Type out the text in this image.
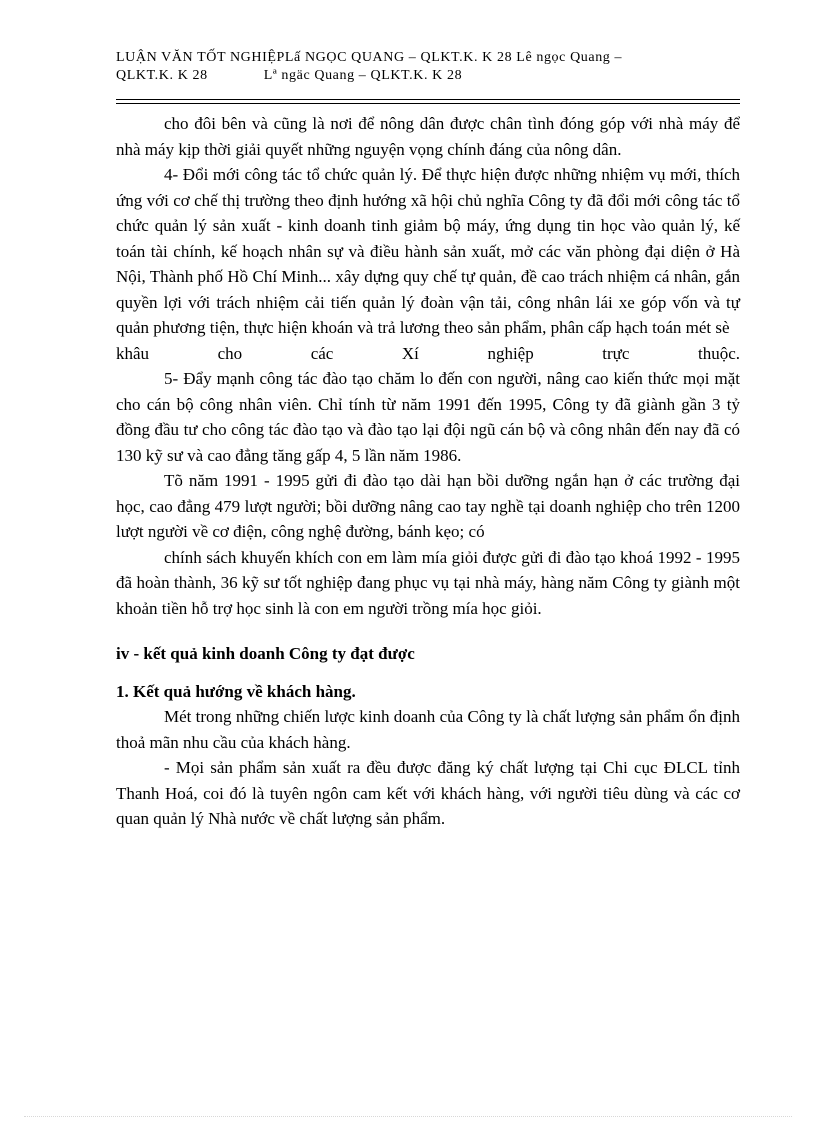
LUẬN VĂN TỐT NGHIỆPLấ NGỌC QUANG – QLKT.K. K 28 Lê ngọc Quang –
QLKT.K. K 28	Lª ngäc Quang – QLKT.K. K 28

cho đôi bên và cũng là nơi để nông dân được chân tình đóng góp với nhà máy để nhà máy kịp thời giải quyết những nguyện vọng chính đáng của nông dân.

4- Đổi mới công tác tổ chức quản lý. Để thực hiện được những nhiệm vụ mới, thích ứng với cơ chế thị trường theo định hướng xã hội chủ nghĩa Công ty đã đổi mới công tác tổ chức quản lý sản xuất - kinh doanh tinh giảm bộ máy, ứng dụng tin học vào quản lý, kế toán tài chính, kế hoạch nhân sự và điều hành sản xuất, mở các văn phòng đại diện ở Hà Nội, Thành phố Hồ Chí Minh... xây dựng quy chế tự quản, đề cao trách nhiệm cá nhân, gắn quyền lợi với trách nhiệm cải tiến quản lý đoàn vận tải, công nhân lái xe góp vốn và tự quản phương tiện, thực hiện khoán và trả lương theo sản phẩm, phân cấp hạch toán mét sè

khâu cho các Xí nghiệp trực thuộc.

5- Đẩy mạnh công tác đào tạo chăm lo đến con người, nâng cao kiến thức mọi mặt cho cán bộ công nhân viên. Chỉ tính từ năm 1991 đến 1995, Công ty đã giành gần 3 tỷ đồng đầu tư cho công tác đào tạo và đào tạo lại đội ngũ cán bộ và công nhân đến nay đã có 130 kỹ sư và cao đẳng tăng gấp 4, 5 lần năm 1986.

Tõ năm 1991 - 1995 gửi đi đào tạo dài hạn bồi dưỡng ngắn hạn ở các trường đại học, cao đẳng 479 lượt người; bồi dưỡng nâng cao tay nghề tại doanh nghiệp cho trên 1200 lượt người về cơ điện, công nghệ đường, bánh kẹo; có

chính sách khuyến khích con em làm mía giỏi được gửi đi đào tạo khoá 1992 - 1995 đã hoàn thành, 36 kỹ sư tốt nghiệp đang phục vụ tại nhà máy, hàng năm Công ty giành một khoản tiền hỗ trợ học sinh là con em người trồng mía học giỏi.

iv - kết quả kinh doanh Công ty đạt được

1. Kết quả hướng về khách hàng.

Mét trong những chiến lược kinh doanh của Công ty là chất lượng sản phẩm ổn định thoả mãn nhu cầu của khách hàng.

- Mọi sản phẩm sản xuất ra đều được đăng ký chất lượng tại Chi cục ĐLCL tỉnh Thanh Hoá, coi đó là tuyên ngôn cam kết với khách hàng, với người tiêu dùng và các cơ quan quản lý Nhà nước về chất lượng sản phẩm.
